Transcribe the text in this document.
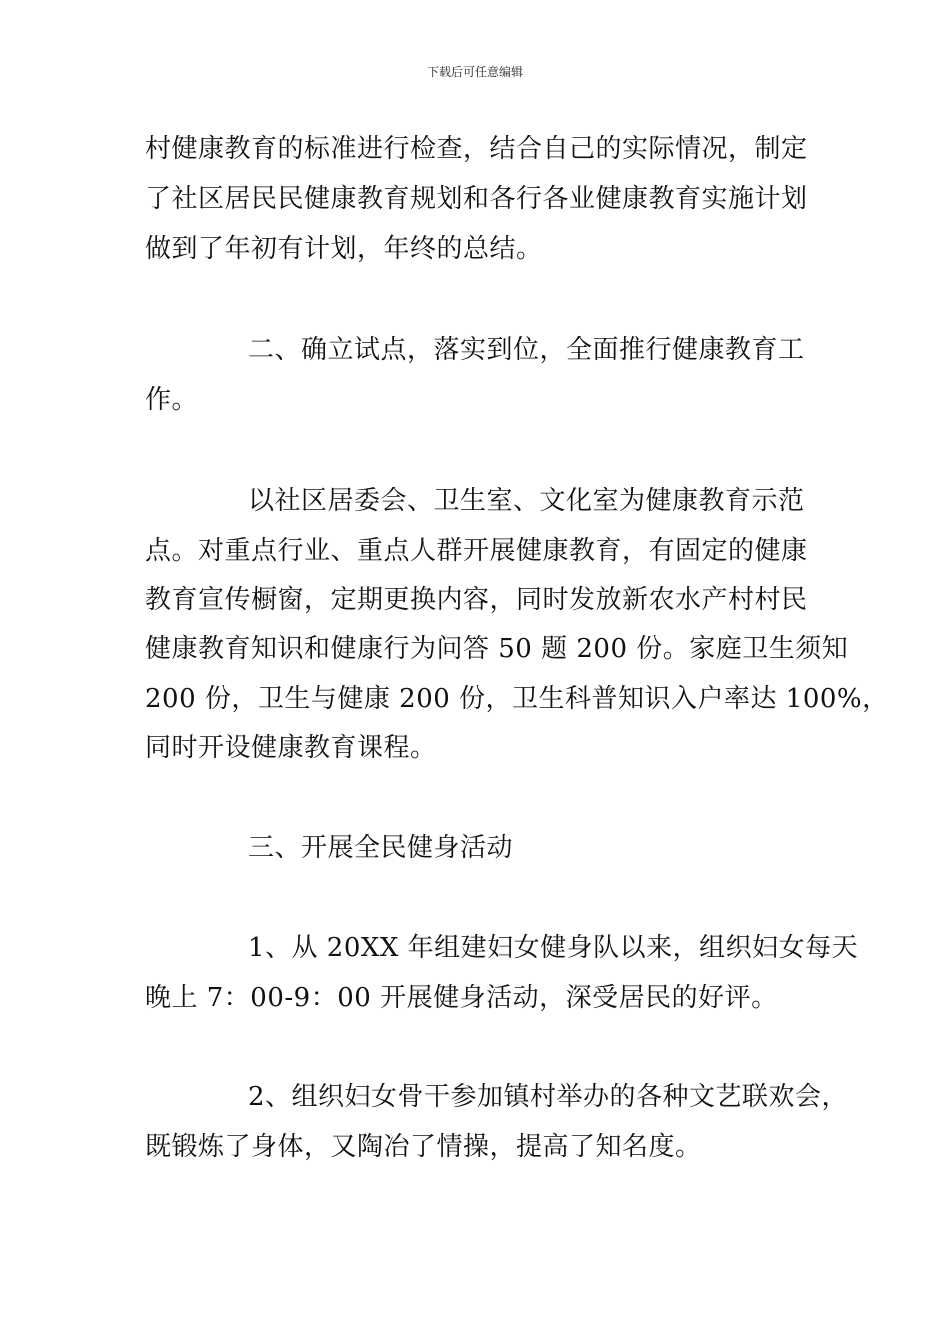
下载后可任意编辑
村健康教育的标准进行检查，结合自己的实际情况，制定
了社区居民民健康教育规划和各行各业健康教育实施计划
做到了年初有计划，年终的总结。
二、确立试点，落实到位，全面推行健康教育工
作。
以社区居委会、卫生室、文化室为健康教育示范
点。对重点行业、重点人群开展健康教育，有固定的健康
教育宣传橱窗，定期更换内容，同时发放新农水产村村民
健康教育知识和健康行为问答 50 题 200 份。家庭卫生须知
200 份，卫生与健康 200 份，卫生科普知识入户率达 100%，
同时开设健康教育课程。
三、开展全民健身活动
1、从 20XX 年组建妇女健身队以来，组织妇女每天
晚上 7：00-9：00 开展健身活动，深受居民的好评。
2、组织妇女骨干参加镇村举办的各种文艺联欢会，
既锻炼了身体，又陶冶了情操，提高了知名度。
